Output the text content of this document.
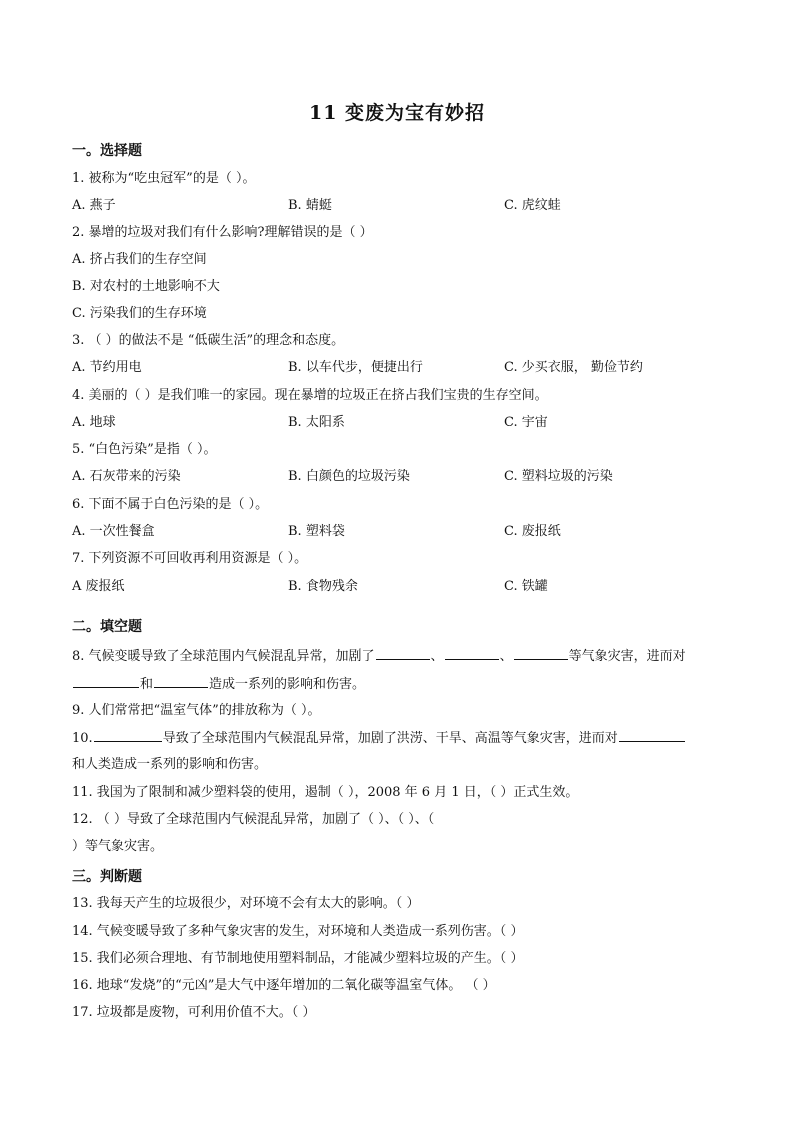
11 变废为宝有妙招
一。选择题
1. 被称为“吃虫冠军”的是（ ）。
A. 燕子	B. 蜻蜓	C. 虎纹蛙
2. 暴增的垃圾对我们有什么影响?理解错误的是（ ）
A. 挤占我们的生存空间
B. 对农村的土地影响不大
C. 污染我们的生存环境
3. （ ）的做法不是 “低碳生活”的理念和态度。
A. 节约用电	B. 以车代步，便捷出行	C. 少买衣服， 勤俭节约
4. 美丽的（ ）是我们唯一的家园。现在暴增的垃圾正在挤占我们宝贵的生存空间。
A. 地球	B. 太阳系	C. 宇宙
5. “白色污染”是指（ ）。
A. 石灰带来的污染	B. 白颜色的垃圾污染	C. 塑料垃圾的污染
6. 下面不属于白色污染的是（ ）。
A. 一次性餐盒	B. 塑料袋	C. 废报纸
7. 下列资源不可回收再利用资源是（ ）。
A 废报纸	B. 食物残余	C. 铁罐
二。填空题
8. 气候变暖导致了全球范围内气候混乱异常，加剧了	、	、	等气象灾害，进而对
和	造成一系列的影响和伤害。
9. 人们常常把“温室气体”的排放称为（ ）。
10.	导致了全球范围内气候混乱异常，加剧了洪涝、干旱、高温等气象灾害，进而对
和人类造成一系列的影响和伤害。
11. 我国为了限制和减少塑料袋的使用，遏制（ ），2008 年 6 月 1 日，（ ）正式生效。
12. （ ）导致了全球范围内气候混乱异常，加剧了（ ）、（ ）、（
）等气象灾害。
三。判断题
13. 我每天产生的垃圾很少，对环境不会有太大的影响。（ ）
14. 气候变暖导致了多种气象灾害的发生，对环境和人类造成一系列伤害。（ ）
15. 我们必须合理地、有节制地使用塑料制品，才能减少塑料垃圾的产生。（ ）
16. 地球“发烧”的“元凶”是大气中逐年增加的二氧化碳等温室气体。 （ ）
17. 垃圾都是废物，可利用价值不大。（ ）
